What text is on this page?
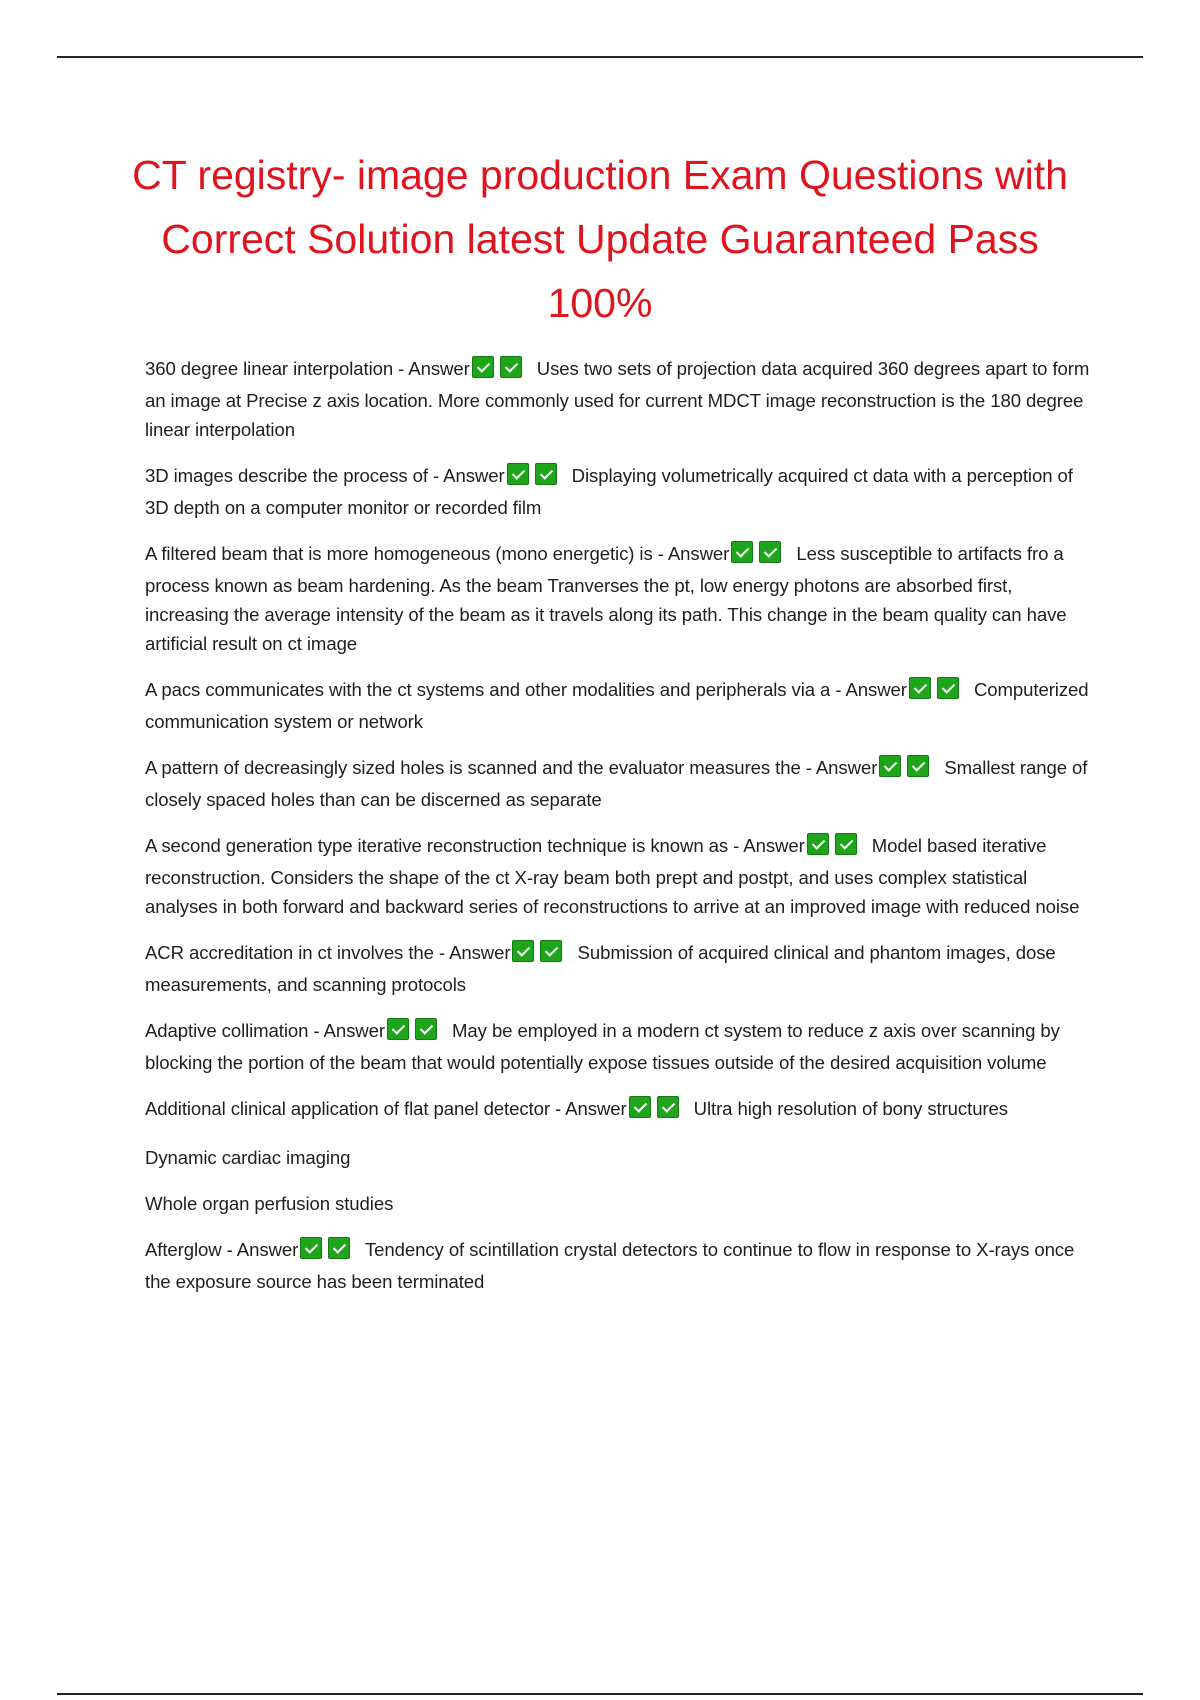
CT registry- image production Exam Questions with Correct Solution latest Update Guaranteed Pass 100%

360 degree linear interpolation - Answer	Uses two sets of projection data acquired 360 degrees apart to form an image at Precise z axis location. More commonly used for current MDCT image reconstruction is the 180 degree linear interpolation

3D images describe the process of - Answer	Displaying volumetrically acquired ct data with a perception of 3D depth on a computer monitor or recorded film

A filtered beam that is more homogeneous (mono energetic) is - Answer	Less susceptible to artifacts fro a process known as beam hardening. As the beam Tranverses the pt, low energy photons are absorbed first, increasing the average intensity of the beam as it travels along its path. This change in the beam quality can have artificial result on ct image

A pacs communicates with the ct systems and other modalities and peripherals via a - Answer	Computerized communication system or network

A pattern of decreasingly sized holes is scanned and the evaluator measures the - Answer	Smallest range of closely spaced holes than can be discerned as separate

A second generation type iterative reconstruction technique is known as - Answer	Model based iterative reconstruction. Considers the shape of the ct X-ray beam both prept and postpt, and uses complex statistical analyses in both forward and backward series of reconstructions to arrive at an improved image with reduced noise

ACR accreditation in ct involves the - Answer	Submission of acquired clinical and phantom images, dose measurements, and scanning protocols

Adaptive collimation - Answer	May be employed in a modern ct system to reduce z axis over scanning by blocking the portion of the beam that would potentially expose tissues outside of the desired acquisition volume

Additional clinical application of flat panel detector - Answer	Ultra high resolution of bony structures

Dynamic cardiac imaging

Whole organ perfusion studies

Afterglow - Answer	Tendency of scintillation crystal detectors to continue to flow in response to X-rays once the exposure source has been terminated
